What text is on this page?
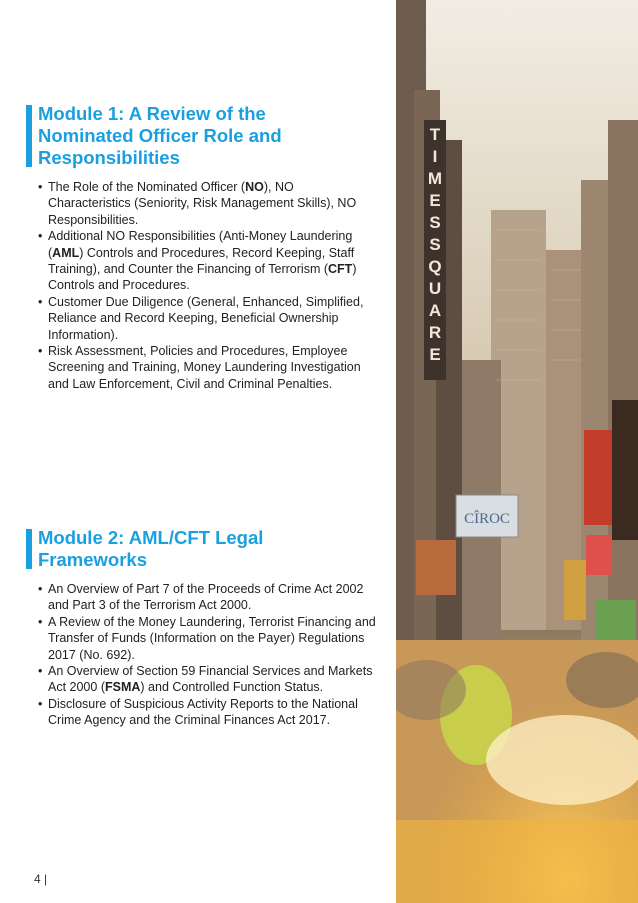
Module 1: A Review of the
Nominated Officer Role and
Responsibilities
• The Role of the Nominated Officer (NO), NO Characteristics (Seniority, Risk Management Skills), NO Responsibilities.
• Additional NO Responsibilities (Anti-Money Laundering (AML) Controls and Procedures, Record Keeping, Staff Training), and Counter the Financing of Terrorism (CFT) Controls and Procedures.
• Customer Due Diligence (General, Enhanced, Simplified, Reliance and Record Keeping, Beneficial Ownership Information).
• Risk Assessment, Policies and Procedures, Employee Screening and Training, Money Laundering Investigation and Law Enforcement, Civil and Criminal Penalties.
Module 2: AML/CFT Legal
Frameworks
• An Overview of Part 7 of the Proceeds of Crime Act 2002 and Part 3 of the Terrorism Act 2000.
• A Review of the Money Laundering, Terrorist Financing and Transfer of Funds (Information on the Payer) Regulations 2017 (No. 692).
• An Overview of Section 59 Financial Services and Markets Act 2000 (FSMA) and Controlled Function Status.
• Disclosure of Suspicious Activity Reports to the National Crime Agency and the Criminal Finances Act 2017.
4 |
T
I
M
E
S
S
Q
U
A
R
E
CÎROC
